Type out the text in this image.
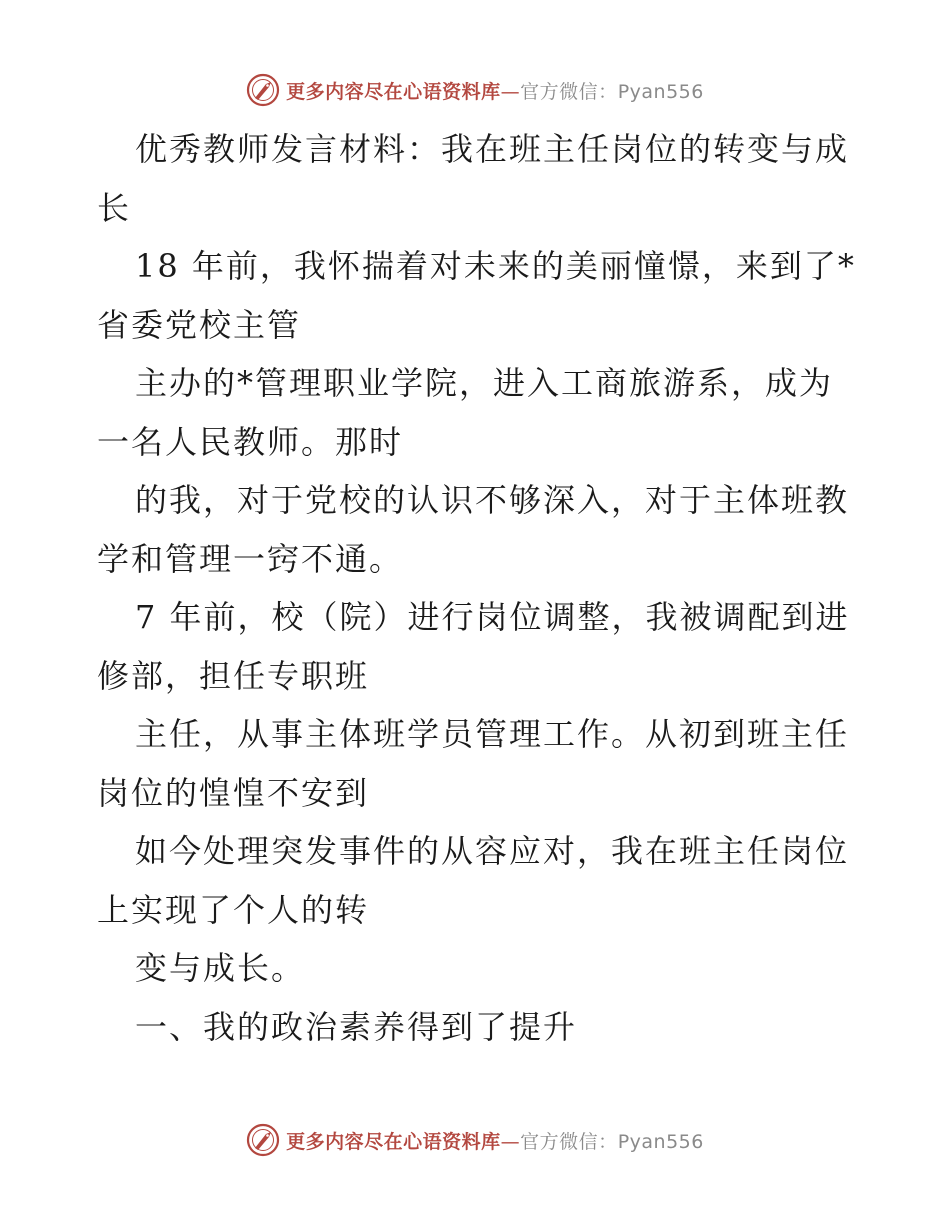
更多内容尽在心语资料库—官方微信：Pyan556

优秀教师发言材料：我在班主任岗位的转变与成长

18 年前，我怀揣着对未来的美丽憧憬，来到了*省委党校主管

主办的*管理职业学院，进入工商旅游系，成为一名人民教师。那时

的我，对于党校的认识不够深入，对于主体班教学和管理一窍不通。

7 年前，校（院）进行岗位调整，我被调配到进修部，担任专职班

主任，从事主体班学员管理工作。从初到班主任岗位的惶惶不安到

如今处理突发事件的从容应对，我在班主任岗位上实现了个人的转

变与成长。

一、我的政治素养得到了提升

更多内容尽在心语资料库—官方微信：Pyan556
